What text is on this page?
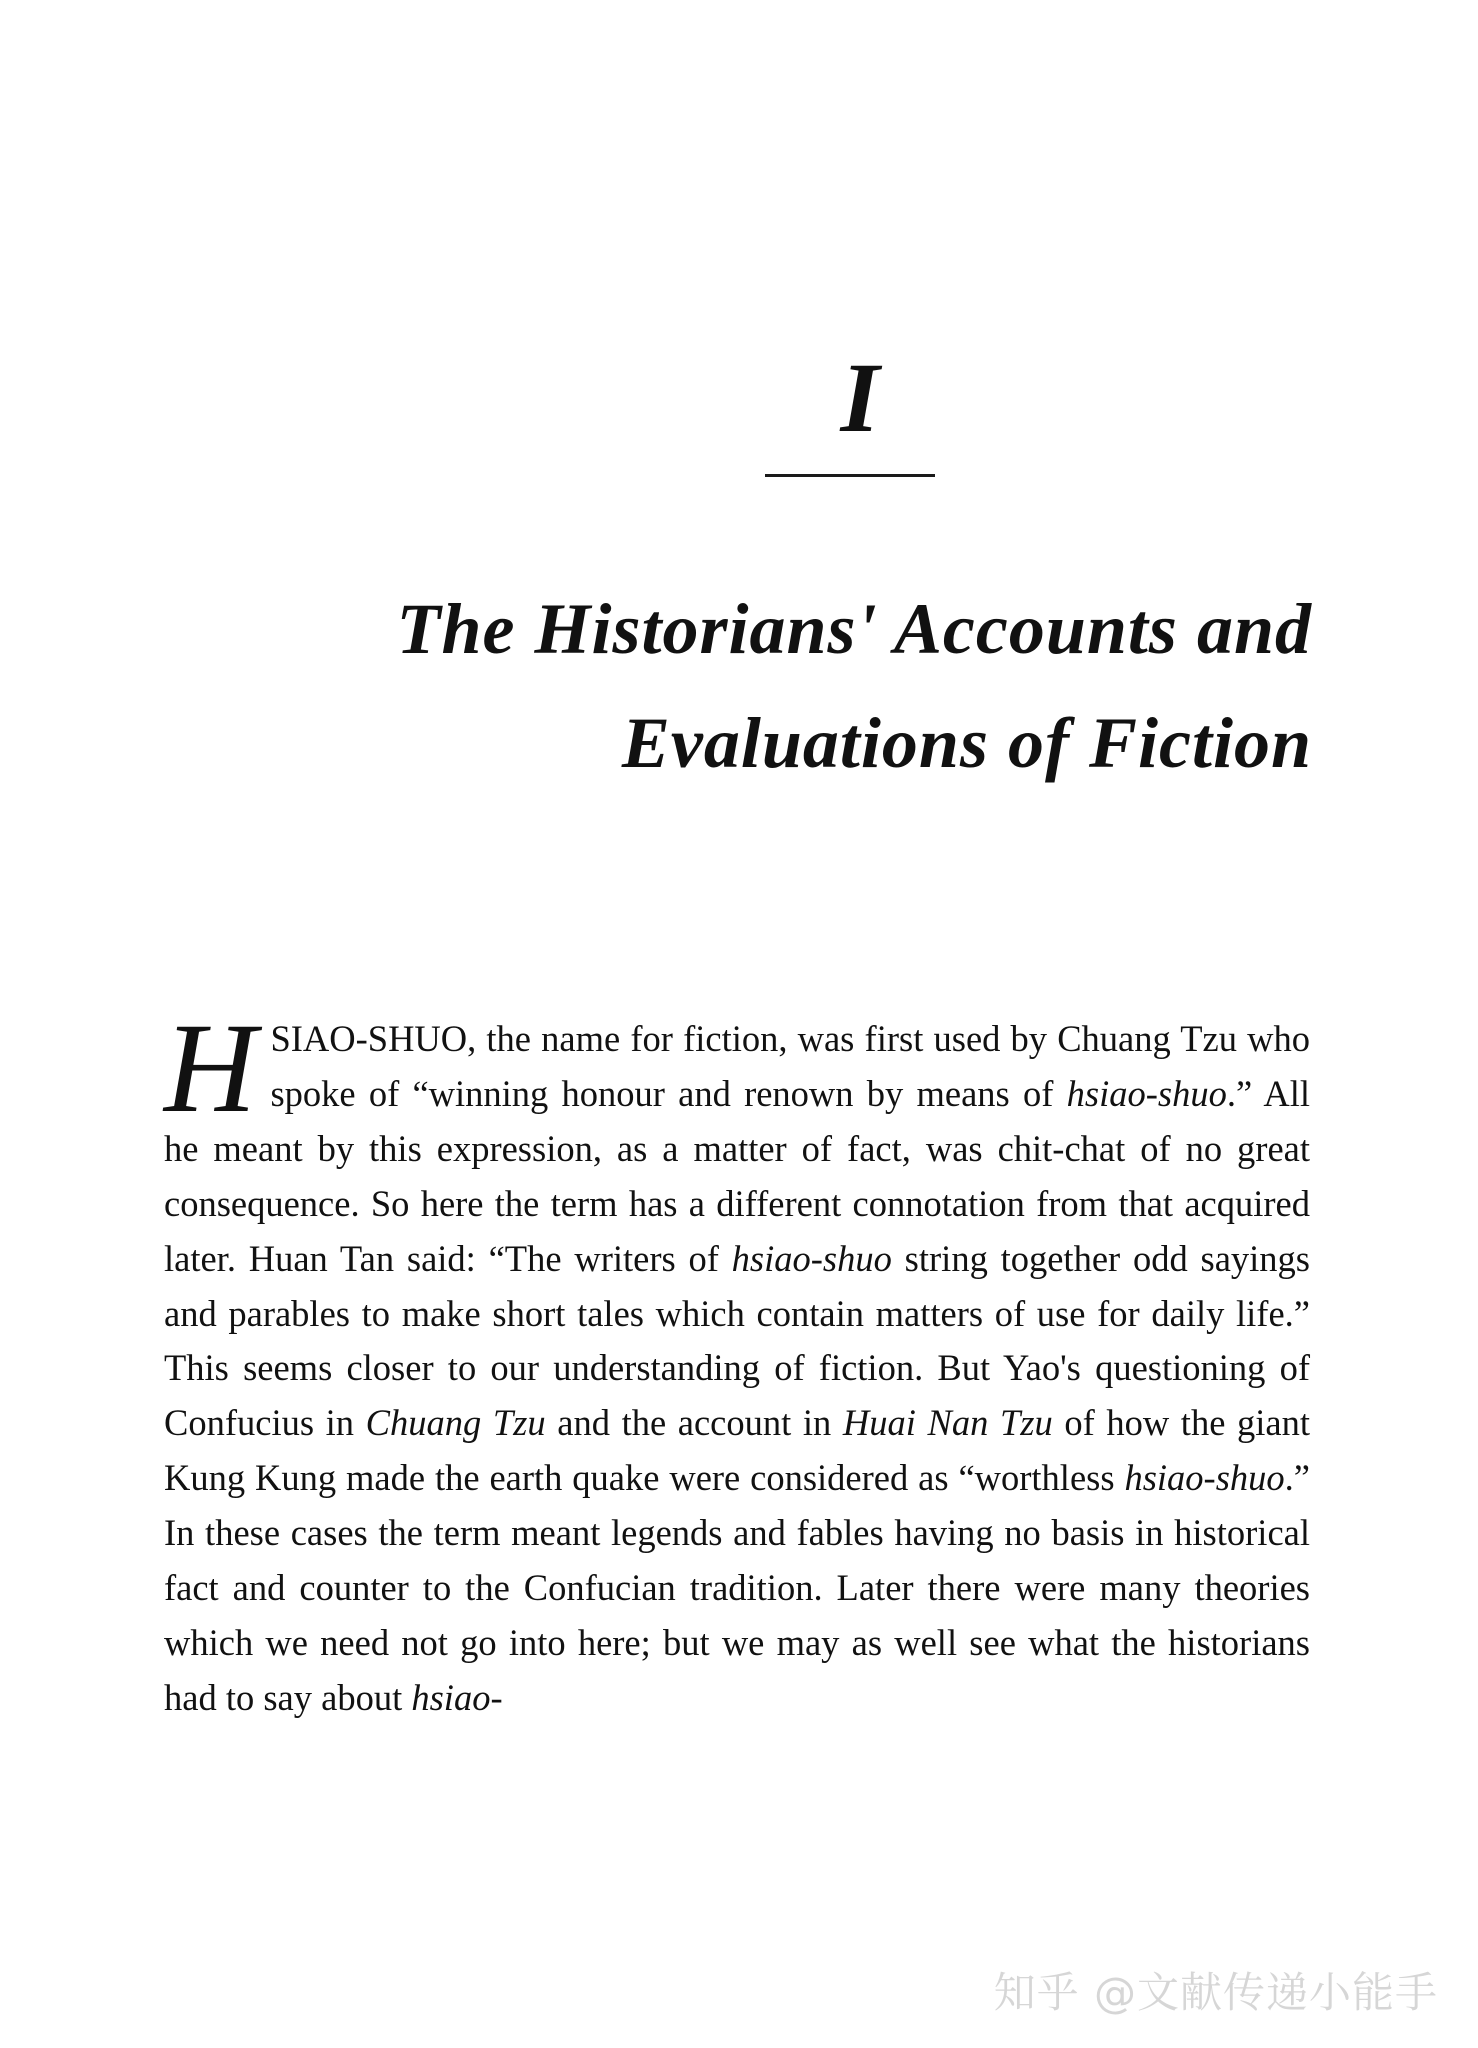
I
The Historians' Accounts and
Evaluations of Fiction
HSIAO-SHUO, the name for fiction, was first used by Chuang Tzu who spoke of “winning honour and renown by means of hsiao-shuo.” All he meant by this expression, as a matter of fact, was chit-chat of no great consequence. So here the term has a different connotation from that acquired later. Huan Tan said: “The writers of hsiao-shuo string together odd sayings and parables to make short tales which contain matters of use for daily life.” This seems closer to our understanding of fiction. But Yao's questioning of Confucius in Chuang Tzu and the account in Huai Nan Tzu of how the giant Kung Kung made the earth quake were considered as “worthless hsiao-shuo.” In these cases the term meant legends and fables having no basis in historical fact and counter to the Confucian tradition. Later there were many theories which we need not go into here; but we may as well see what the historians had to say about hsiao-
知乎 @文献传递小能手
